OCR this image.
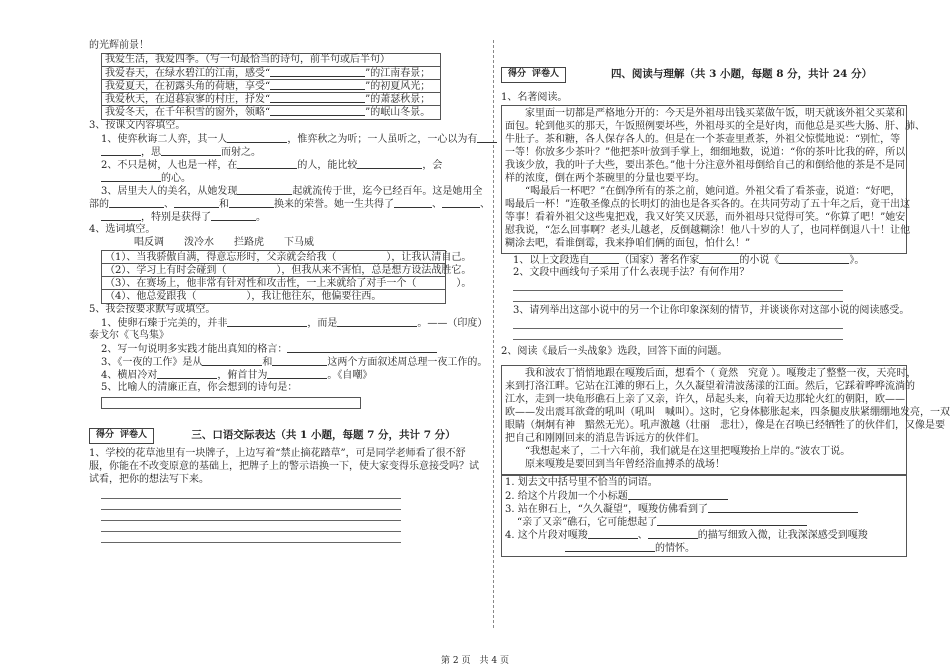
的光辉前景！
我爱生活，我爱四季。（写一句最恰当的诗句，前半句或后半句）
我爱春天，在绿水碧江的江南，感受“	”的江南春景；
我爱夏天，在初露头角的荷塘，享受“	”的初夏风光；
我爱秋天，在迢暮寂寥的村庄，抒发“	”的萧瑟秋景；
我爱冬天，在千年积雪的窗外，领略“	”的岷山冬景。
3、按课文内容填空。
1、使弈秋诲二人弈，其一人	，惟弈秋之为听；一人虽听之，一心以为有
，思	而射之。
2、不只是树，人也是一样，在	的人，能比较	，会
的心。
3、居里夫人的美名，从她发现	起就流传于世，迄今已经百年。这是她用全
部的	、	和	换来的荣誉。她一生共得了	、	、
，特别是获得了	。
4、选词填空。
唱反调　　泼冷水　　拦路虎　　下马威
（1）、当我骄傲自满，得意忘形时，父亲就会给我（	），让我认清自己。
（2）、学习上有时会碰到（	），但我从来不害怕，总是想方设法战胜它。
（3）、在赛场上，他非常有针对性和攻击性，一上来就给了对手一个（	）。
（4）、他总爱跟我（	），我让他往东，他偏要往西。
5、我会按要求默写或填空。
1、使卵石臻于完美的，并非	，而是	。——（印度）
泰戈尔《飞鸟集》
2、写一句说明多实践才能出真知的格言：
3、《一夜的工作》是从	和	这两个方面叙述周总理一夜工作的。
4、横眉冷对	，俯首甘为	。《自嘲》
5、比喻人的清廉正直，你会想到的诗句是：
得分 评卷人	三、口语交际表达（共 1 小题，每题 7 分，共计 7 分）
1、学校的花草池里有一块牌子，上边写着“禁止摘花踏草”，可是同学老师看了很不舒服，你能在不改变原意的基础上，把牌子上的警示语换一下，使大家变得乐意接受吗？试试看，把你的想法写下来。
得分 评卷人	四、阅读与理解（共 3 小题，每题 8 分，共计 24 分）
1、名著阅读。
　　家里面一切都是严格地分开的：今天是外祖母出钱买菜做午饭，明天就该外祖父买菜和
面包。轮到他买的那天，午饭照例要坏些，外祖母买的全是好肉，而他总是买些大肠、肝、肺、
牛肚子。茶和糖，各人保存各人的。但是在一个茶壶里煮茶，外祖父惊慌地说：“别忙，等
一等！你放多少茶叶？”他把茶叶放到手掌上，细细地数，说道：“你的茶叶比我的碎，所以
我该少放，我的叶子大些，要出茶色。”他十分注意外祖母倒给自己的和倒给他的茶是不是同
样的浓度，倒在两个茶碗里的分量也要平均。
　　“喝最后一杯吧？”在倒净所有的茶之前，她问道。外祖父看了看茶壶，说道：“好吧，
喝最后一杯！”连敬圣像点的长明灯的油也是各买各的。在共同劳动了五十年之后，竟干出这
等事！看着外祖父这些鬼把戏，我又好笑又厌恶，而外祖母只觉得可笑。“你算了吧！”她安
慰我说，“怎么回事啊？老头儿越老，反倒越糊涂！他八十岁的人了，也同样倒退八十！让他
糊涂去吧，看谁倒霉，我来挣咱们俩的面包，怕什么！”
1、以上文段选自	（国家）著名作家	的小说《	》。
2、文段中画线句子采用了什么表现手法？有何作用？
3、请列举出这部小说中的另一个让你印象深刻的情节，并谈谈你对这部小说的阅读感受。
2、阅读《最后一头战象》选段，回答下面的问题。
　　我和波农丁悄悄地跟在嘎羧后面，想看个（ 竟然　究竟 ）。嘎羧走了整整一夜，天亮时，
来到打洛江畔。它站在江滩的卵石上，久久凝望着清波荡漾的江面。然后，它踩着哗哗流淌的
江水，走到一块龟形礁石上亲了又亲，许久，昂起头来，向着天边那轮火红的朝阳，欧——
欧——发出震耳欲聋的吼叫（吼叫　喊叫）。这时，它身体膨胀起来，四条腿皮肤紧绷绷地发亮，一双
眼睛（炯炯有神　黯然无光）。吼声激越（壮丽　悲壮），像是在召唤已经牺牲了的伙伴们，又像是要
把自己和刚刚回来的消息告诉远方的伙伴们。
　　“我想起来了，二十六年前，我们就是在这里把嘎羧抬上岸的。”波农丁说。
　　原来嘎羧是要回到当年曾经浴血搏杀的战场！
1. 划去文中括号里不恰当的词语。
2. 给这个片段加一个小标题
3. 站在卵石上，“久久凝望”，嘎羧仿佛看到了
“亲了又亲”礁石，它可能想起了
4. 这个片段对嘎羧	、	的描写细致入微，让我深深感受到嘎羧
的情怀。
第 2 页　共 4 页
